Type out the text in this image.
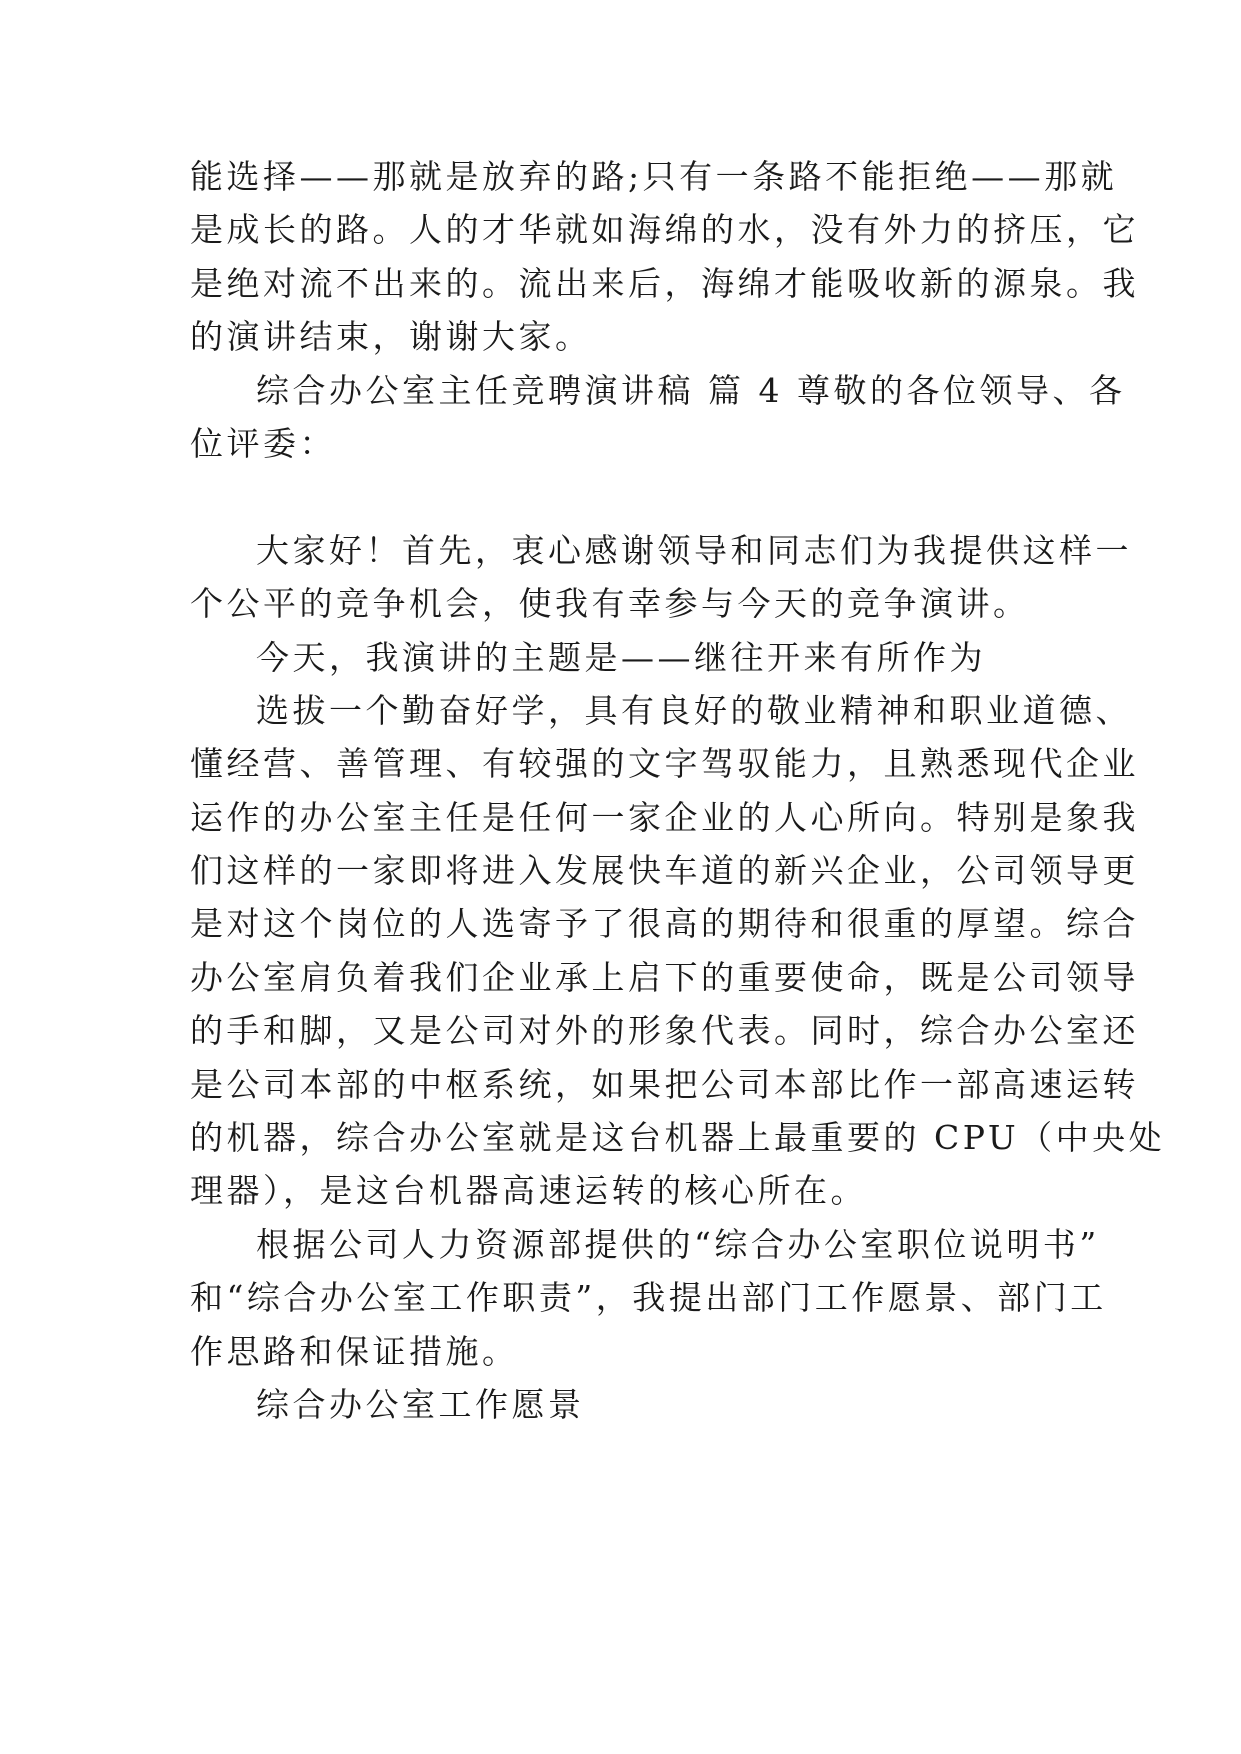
能选择——那就是放弃的路;只有一条路不能拒绝——那就
是成长的路。人的才华就如海绵的水，没有外力的挤压，它
是绝对流不出来的。流出来后，海绵才能吸收新的源泉。我
的演讲结束，谢谢大家。
综合办公室主任竞聘演讲稿 篇 4 尊敬的各位领导、各
位评委：
大家好！首先，衷心感谢领导和同志们为我提供这样一
个公平的竞争机会，使我有幸参与今天的竞争演讲。
今天，我演讲的主题是——继往开来有所作为
选拔一个勤奋好学，具有良好的敬业精神和职业道德、
懂经营、善管理、有较强的文字驾驭能力，且熟悉现代企业
运作的办公室主任是任何一家企业的人心所向。特别是象我
们这样的一家即将进入发展快车道的新兴企业，公司领导更
是对这个岗位的人选寄予了很高的期待和很重的厚望。综合
办公室肩负着我们企业承上启下的重要使命，既是公司领导
的手和脚，又是公司对外的形象代表。同时，综合办公室还
是公司本部的中枢系统，如果把公司本部比作一部高速运转
的机器，综合办公室就是这台机器上最重要的 CPU（中央处
理器），是这台机器高速运转的核心所在。
根据公司人力资源部提供的“综合办公室职位说明书”
和“综合办公室工作职责”，我提出部门工作愿景、部门工
作思路和保证措施。
综合办公室工作愿景
